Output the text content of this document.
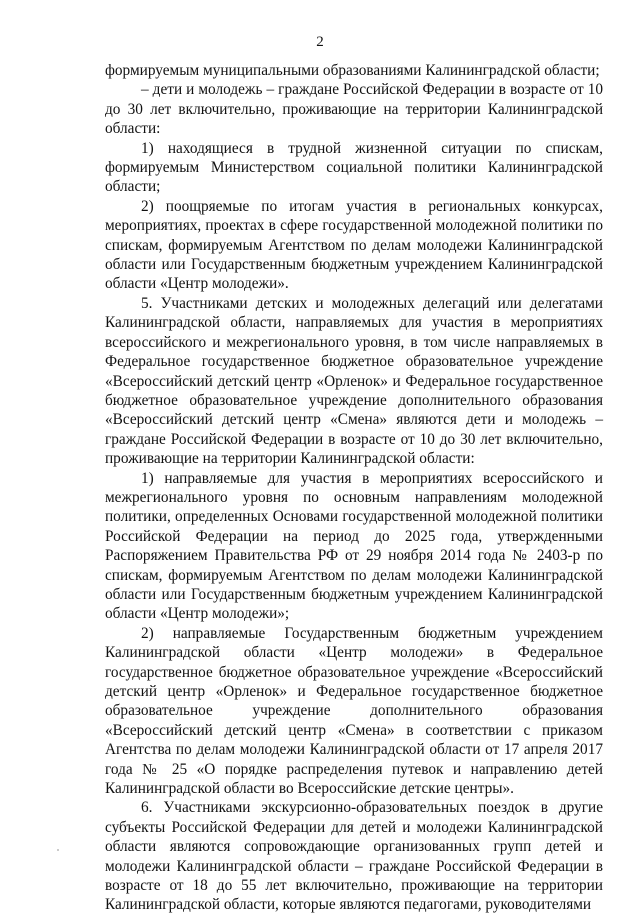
2

формируемым муниципальными образованиями Калининградской области;

– дети и молодежь – граждане Российской Федерации в возрасте от 10 до 30 лет включительно, проживающие на территории Калининградской области:

1) находящиеся в трудной жизненной ситуации по спискам, формируемым Министерством социальной политики Калининградской области;

2) поощряемые по итогам участия в региональных конкурсах, мероприятиях, проектах в сфере государственной молодежной политики по спискам, формируемым Агентством по делам молодежи Калининградской области или Государственным бюджетным учреждением Калининградской области «Центр молодежи».

5. Участниками детских и молодежных делегаций или делегатами Калининградской области, направляемых для участия в мероприятиях всероссийского и межрегионального уровня, в том числе направляемых в Федеральное государственное бюджетное образовательное учреждение «Всероссийский детский центр «Орленок» и Федеральное государственное бюджетное образовательное учреждение дополнительного образования «Всероссийский детский центр «Смена» являются дети и молодежь – граждане Российской Федерации в возрасте от 10 до 30 лет включительно, проживающие на территории Калининградской области:

1) направляемые для участия в мероприятиях всероссийского и межрегионального уровня по основным направлениям молодежной политики, определенных Основами государственной молодежной политики Российской Федерации на период до 2025 года, утвержденными Распоряжением Правительства РФ от 29 ноября 2014 года № 2403-р по спискам, формируемым Агентством по делам молодежи Калининградской области или Государственным бюджетным учреждением Калининградской области «Центр молодежи»;

2) направляемые Государственным бюджетным учреждением Калининградской области «Центр молодежи» в Федеральное государственное бюджетное образовательное учреждение «Всероссийский детский центр «Орленок» и Федеральное государственное бюджетное образовательное учреждение дополнительного образования «Всероссийский детский центр «Смена» в соответствии с приказом Агентства по делам молодежи Калининградской области от 17 апреля 2017 года № 25 «О порядке распределения путевок и направлению детей Калининградской области во Всероссийские детские центры».

6. Участниками экскурсионно-образовательных поездок в другие субъекты Российской Федерации для детей и молодежи Калининградской области являются сопровождающие организованных групп детей и молодежи Калининградской области – граждане Российской Федерации в возрасте от 18 до 55 лет включительно, проживающие на территории Калининградской области, которые являются педагогами, руководителями
